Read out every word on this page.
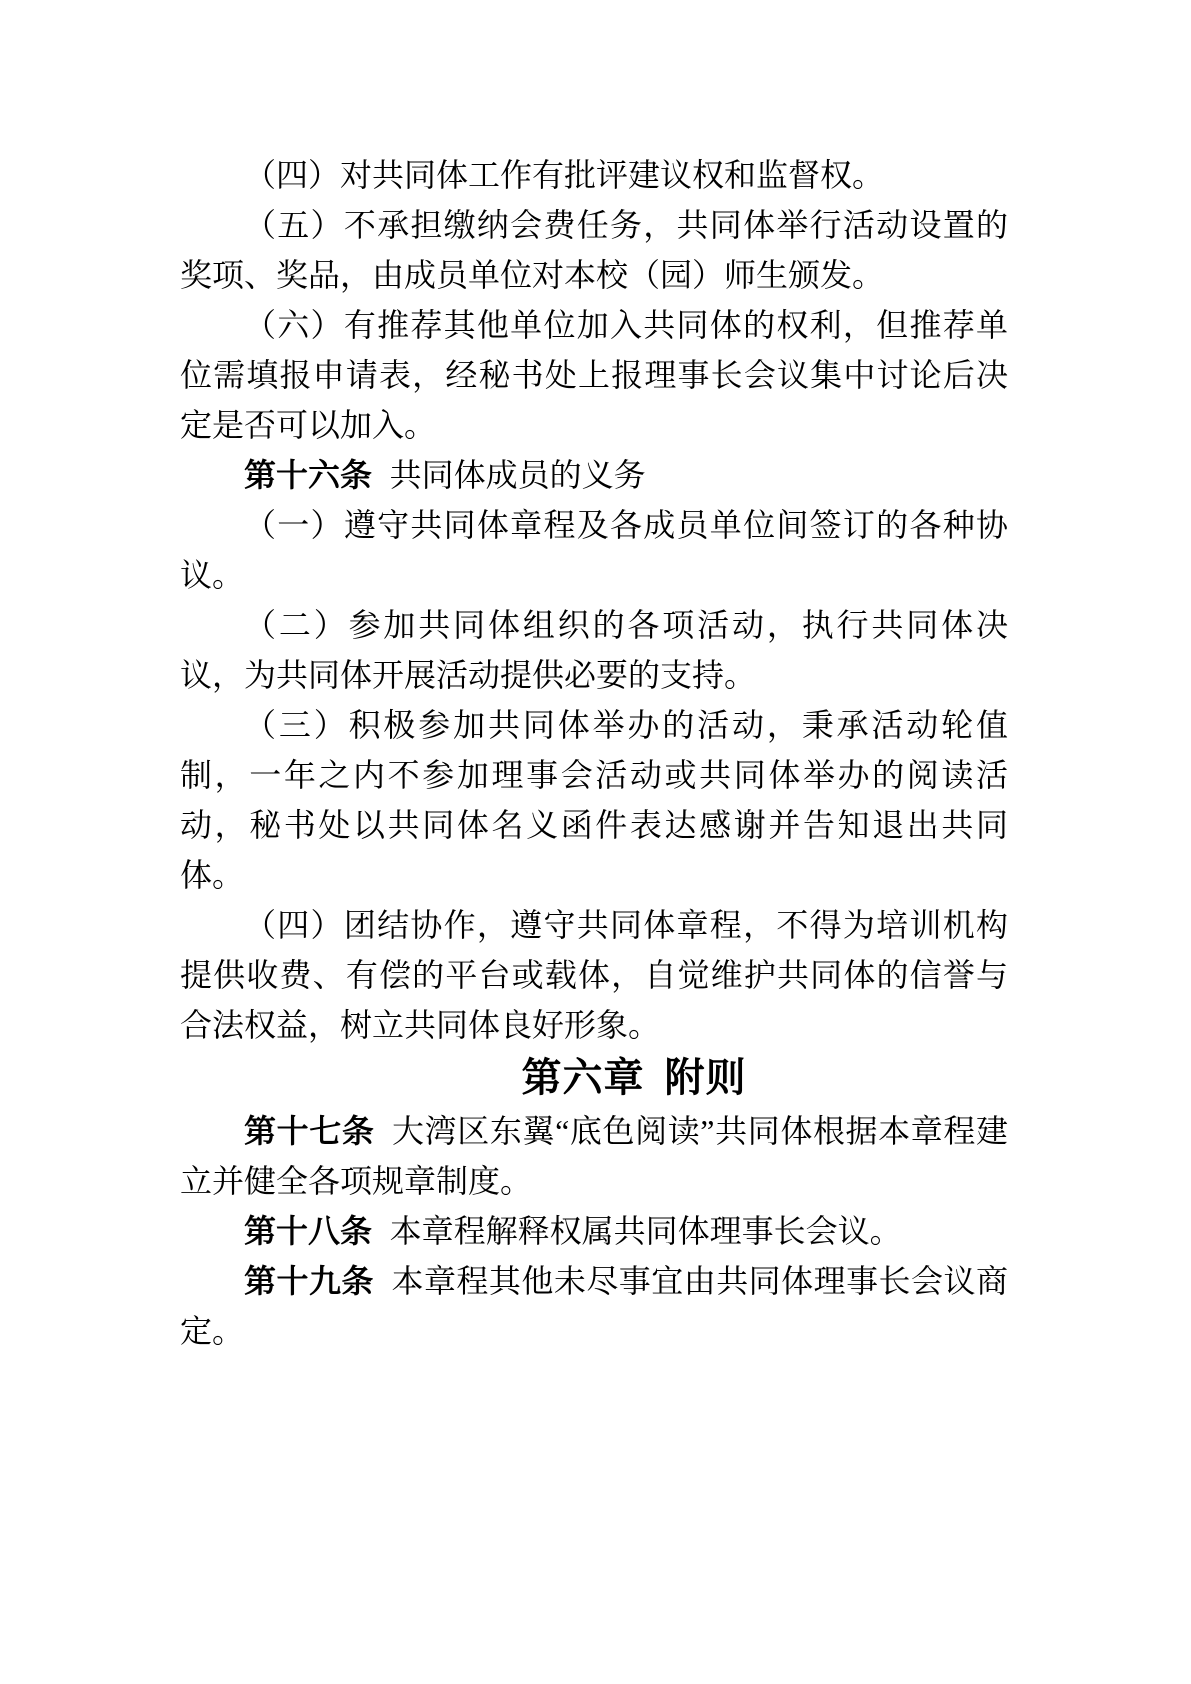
（四）对共同体工作有批评建议权和监督权。

（五）不承担缴纳会费任务，共同体举行活动设置的奖项、奖品，由成员单位对本校（园）师生颁发。

（六）有推荐其他单位加入共同体的权利，但推荐单位需填报申请表，经秘书处上报理事长会议集中讨论后决定是否可以加入。

第十六条 共同体成员的义务

（一）遵守共同体章程及各成员单位间签订的各种协议。

（二）参加共同体组织的各项活动，执行共同体决议，为共同体开展活动提供必要的支持。

（三）积极参加共同体举办的活动，秉承活动轮值制，一年之内不参加理事会活动或共同体举办的阅读活动，秘书处以共同体名义函件表达感谢并告知退出共同体。

（四）团结协作，遵守共同体章程，不得为培训机构提供收费、有偿的平台或载体，自觉维护共同体的信誉与合法权益，树立共同体良好形象。

第六章 附则

第十七条 大湾区东翼“底色阅读”共同体根据本章程建立并健全各项规章制度。

第十八条 本章程解释权属共同体理事长会议。

第十九条 本章程其他未尽事宜由共同体理事长会议商定。
